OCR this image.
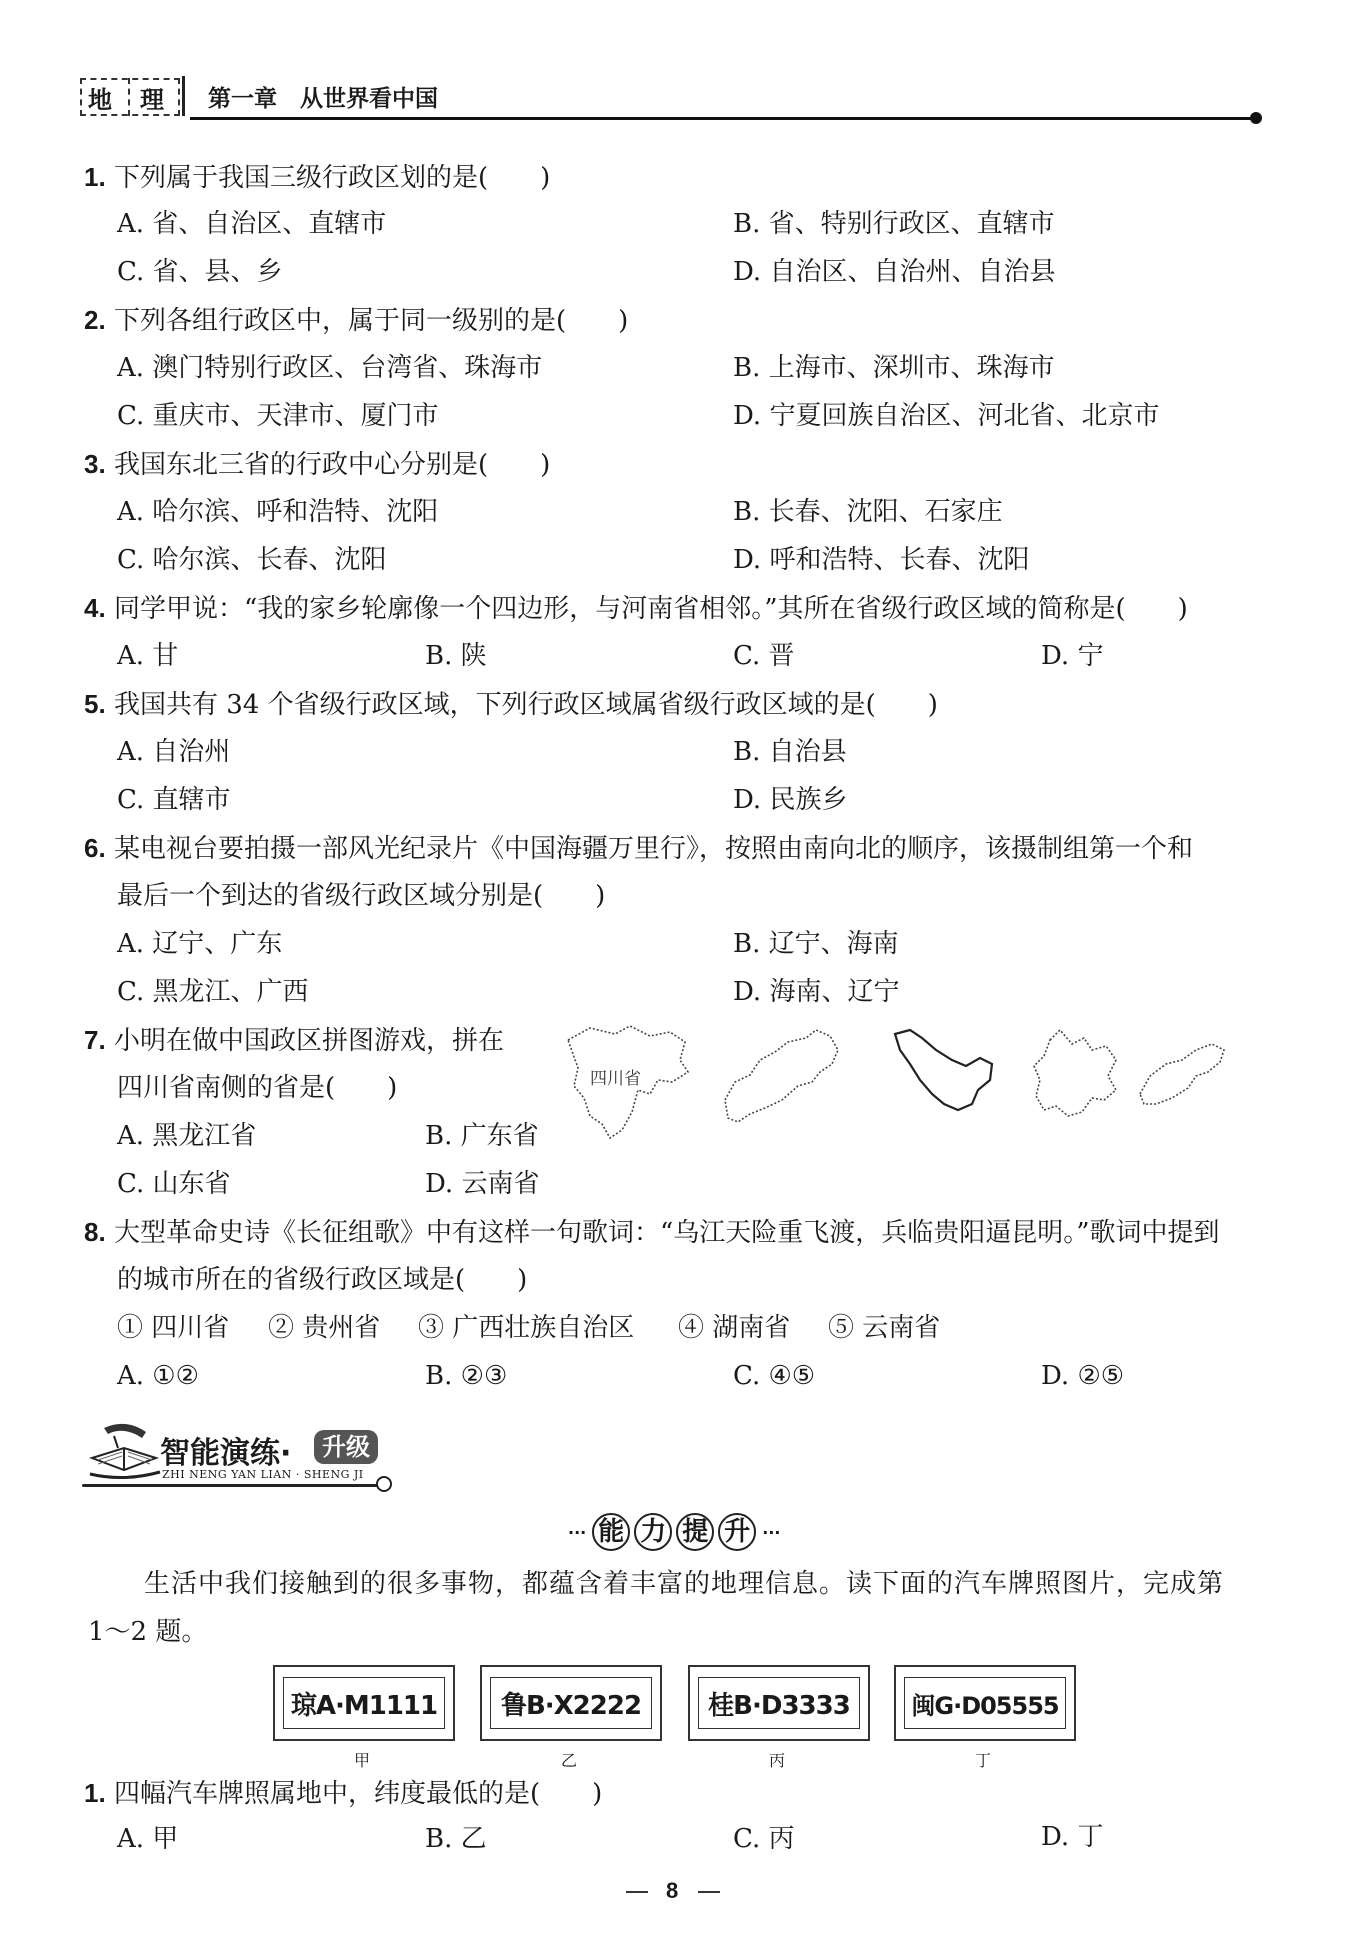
地 理 第一章　从世界看中国
1. 下列属于我国三级行政区划的是(　　)
A. 省、自治区、直辖市	B. 省、特别行政区、直辖市
C. 省、县、乡	D. 自治区、自治州、自治县
2. 下列各组行政区中，属于同一级别的是(　　)
A. 澳门特别行政区、台湾省、珠海市	B. 上海市、深圳市、珠海市
C. 重庆市、天津市、厦门市	D. 宁夏回族自治区、河北省、北京市
3. 我国东北三省的行政中心分别是(　　)
A. 哈尔滨、呼和浩特、沈阳	B. 长春、沈阳、石家庄
C. 哈尔滨、长春、沈阳	D. 呼和浩特、长春、沈阳
4. 同学甲说：“我的家乡轮廓像一个四边形，与河南省相邻。”其所在省级行政区域的简称是(　　)
A. 甘	B. 陕	C. 晋	D. 宁
5. 我国共有 34 个省级行政区域，下列行政区域属省级行政区域的是(　　)
A. 自治州	B. 自治县
C. 直辖市	D. 民族乡
6. 某电视台要拍摄一部风光纪录片《中国海疆万里行》，按照由南向北的顺序，该摄制组第一个和
最后一个到达的省级行政区域分别是(　　)
A. 辽宁、广东	B. 辽宁、海南
C. 黑龙江、广西	D. 海南、辽宁
7. 小明在做中国政区拼图游戏，拼在
四川省南侧的省是(　　)
A. 黑龙江省	B. 广东省
C. 山东省	D. 云南省
四川省
8. 大型革命史诗《长征组歌》中有这样一句歌词：“乌江天险重飞渡，兵临贵阳逼昆明。”歌词中提到
的城市所在的省级行政区域是(　　)
① 四川省 ② 贵州省 ③ 广西壮族自治区 ④ 湖南省 ⑤ 云南省
A. ①②	B. ②③	C. ④⑤	D. ②⑤
智能演练·	升级
ZHI NENG YAN LIAN · SHENG JI
··· 能 力 提 升 ···
生活中我们接触到的很多事物，都蕴含着丰富的地理信息。读下面的汽车牌照图片，完成第
1～2 题。
琼A·M1111	鲁B·X2222	桂B·D3333	闽G·D05555
甲	乙	丙	丁
1. 四幅汽车牌照属地中，纬度最低的是(　　)
A. 甲	B. 乙	C. 丙	D. 丁
8
